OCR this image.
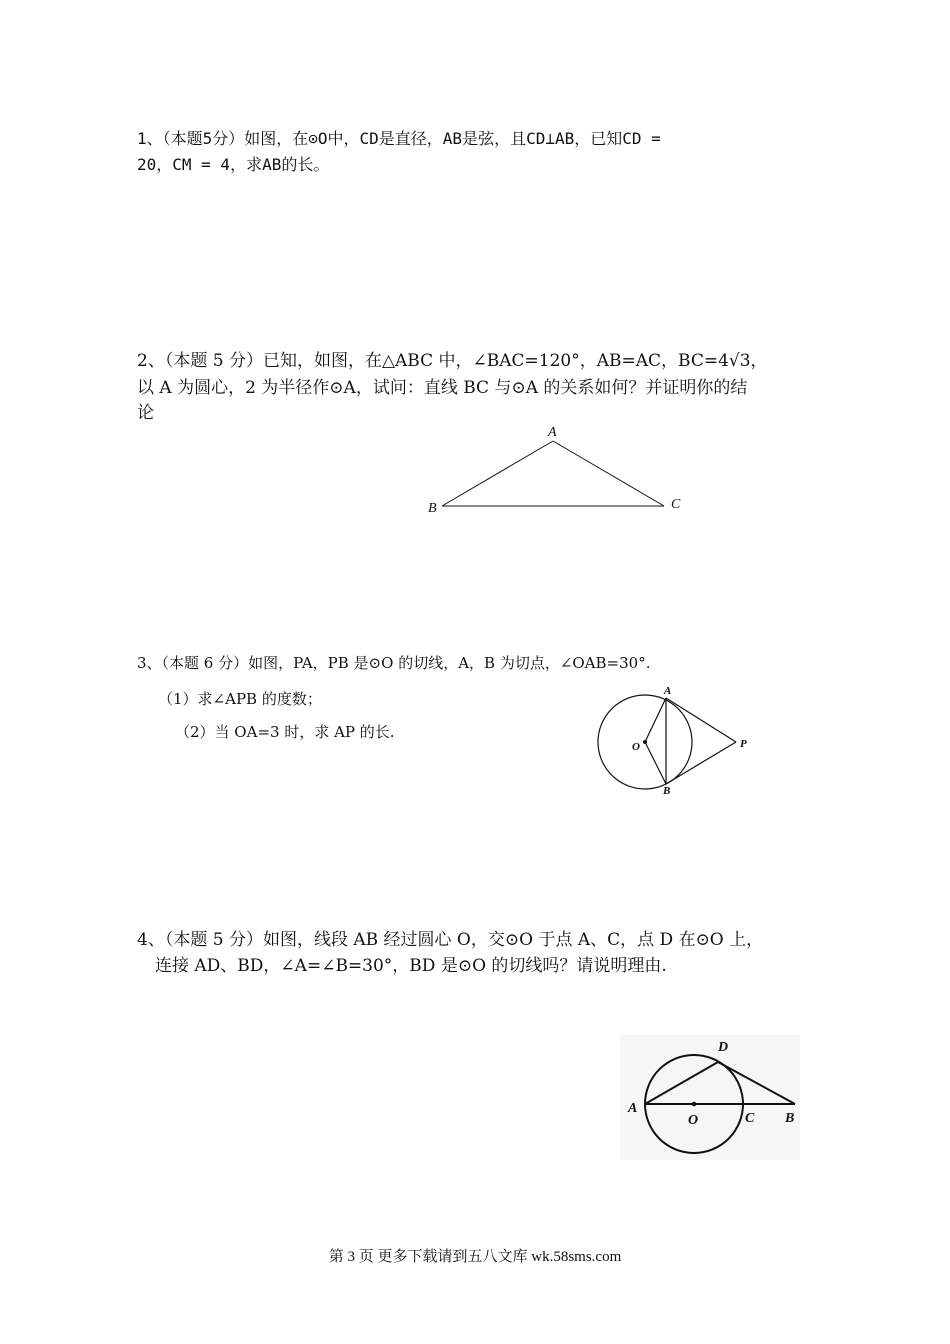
1、（本题5分）如图，在⊙O中，CD是直径，AB是弦，且CD⊥AB，已知CD =
20，CM = 4，求AB的长。
2、（本题 5 分）已知，如图，在△ABC 中，∠BAC=120°，AB=AC，BC=4√3，
以 A 为圆心，2 为半径作⊙A，试问：直线 BC 与⊙A 的关系如何？并证明你的结
论
A
B	C
3、（本题 6 分）如图，PA，PB 是⊙O 的切线，A，B 为切点，∠OAB=30°.
（1）求∠APB 的度数；
（2）当 OA=3 时，求 AP 的长.
A
B
O	P
4、（本题 5 分）如图，线段 AB 经过圆心 O，交⊙O 于点 A、C，点 D 在⊙O 上，
连接 AD、BD，∠A=∠B=30°，BD 是⊙O 的切线吗？请说明理由.
D
A
O	C B
第 3 页 更多下载请到五八文库 wk.58sms.com
